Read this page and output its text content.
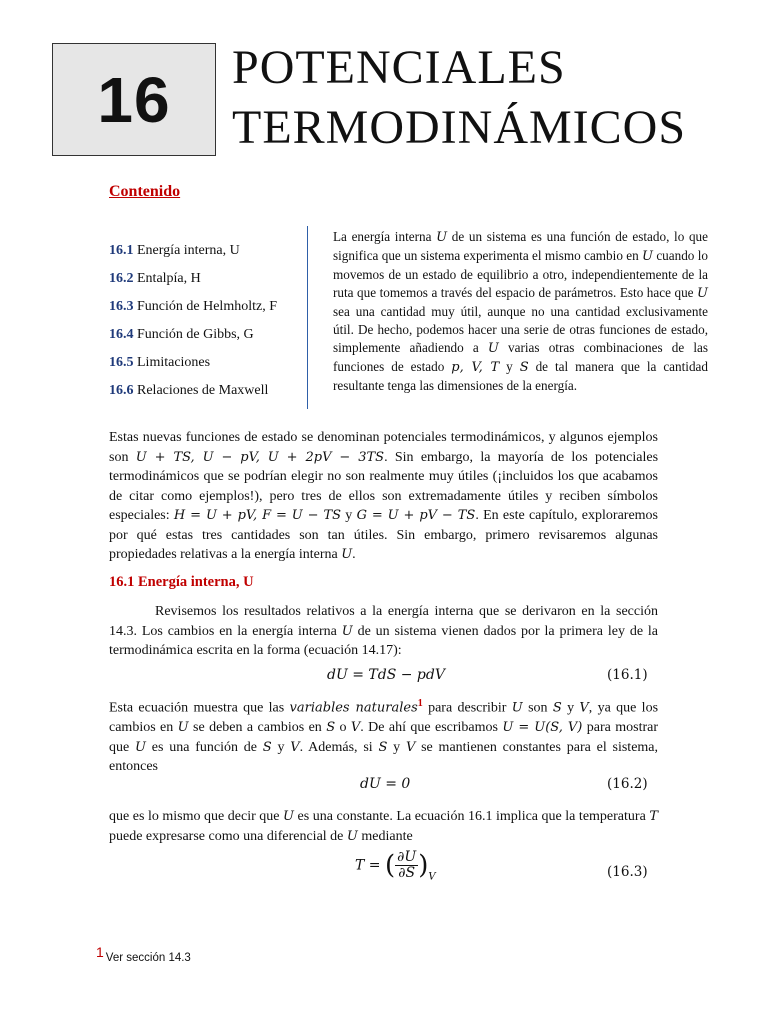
16 POTENCIALES
TERMODINÁMICOS
Contenido
16.1 Energía interna, U
16.2 Entalpía, H
16.3 Función de Helmholtz, F
16.4 Función de Gibbs, G
16.5 Limitaciones
16.6 Relaciones de Maxwell
La energía interna U de un sistema es una función de estado, lo que significa que un sistema experimenta el mismo cambio en U cuando lo movemos de un estado de equilibrio a otro, independientemente de la ruta que tomemos a través del espacio de parámetros. Esto hace que U sea una cantidad muy útil, aunque no una cantidad exclusivamente útil. De hecho, podemos hacer una serie de otras funciones de estado, simplemente añadiendo a U varias otras combinaciones de las funciones de estado p, V, T y S de tal manera que la cantidad resultante tenga las dimensiones de la energía.
Estas nuevas funciones de estado se denominan potenciales termodinámicos, y algunos ejemplos son U + TS, U − pV, U + 2pV − 3TS. Sin embargo, la mayoría de los potenciales termodinámicos que se podrían elegir no son realmente muy útiles (¡incluidos los que acabamos de citar como ejemplos!), pero tres de ellos son extremadamente útiles y reciben símbolos especiales: H = U + pV, F = U − TS y G = U + pV − TS. En este capítulo, exploraremos por qué estas tres cantidades son tan útiles. Sin embargo, primero revisaremos algunas propiedades relativas a la energía interna U.
16.1 Energía interna, U
Revisemos los resultados relativos a la energía interna que se derivaron en la sección 14.3. Los cambios en la energía interna U de un sistema vienen dados por la primera ley de la termodinámica escrita en la forma (ecuación 14.17):
dU = TdS − pdV	(16.1)
Esta ecuación muestra que las variables naturales$^1$ para describir U son S y V, ya que los cambios en U se deben a cambios en S o V. De ahí que escribamos U = U(S, V) para mostrar que U es una función de S y V. Además, si S y V se mantienen constantes para el sistema, entonces
dU = 0	(16.2)
que es lo mismo que decir que U es una constante. La ecuación 16.1 implica que la temperatura T puede expresarse como una diferencial de U mediante
T = ( $\frac{\partial U}{\partial S} )_V$	(16.3)
1 Ver sección 14.3
